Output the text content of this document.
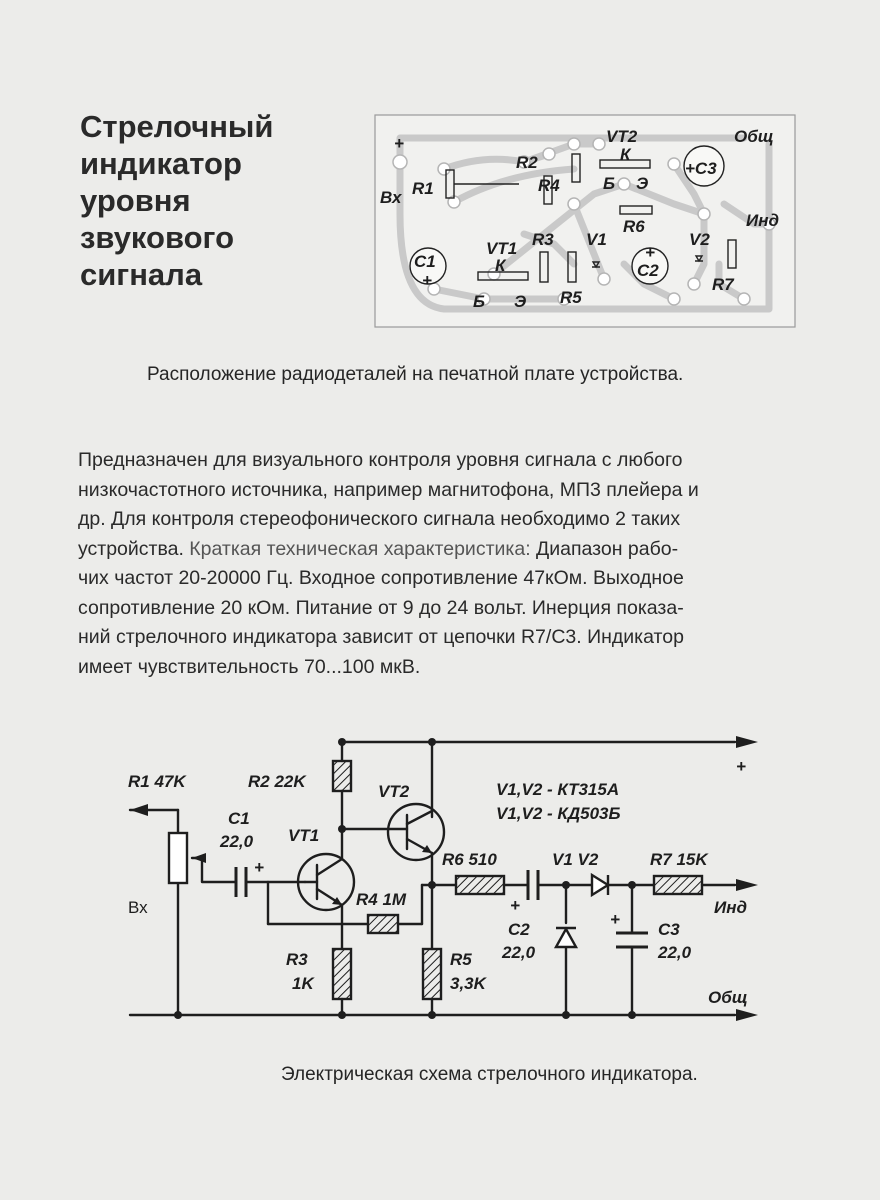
Стрелочный
индикатор
уровня
звукового
сигнала
+
Вх R1
R2
R4
VT2
К
Б Э
+C3
Общ
R6	Инд
C1
+
VT1
К
Б Э
R3 V1
R5
C2
+
V2
R7
Расположение радиодеталей на печатной плате устройства.
Предназначен для визуального контроля уровня сигнала с любого
низкочастотного источника, например магнитофона, МП3 плейера и
др. Для контроля стереофонического сигнала необходимо 2 таких
устройства. Краткая техническая характеристика: Диапазон рабо-
чих частот 20-20000 Гц. Входное сопротивление 47кОм. Выходное
сопротивление 20 кОм. Питание от 9 до 24 вольт. Инерция показа-
ний стрелочного индикатора зависит от цепочки R7/C3. Индикатор
имеет чувствительность 70...100 мкВ.
R1 47K	R2 22K
VT2	V1,V2 - КТ315А
V1,V2 - КД503Б
+
C1
22,0
+
VT1
R6 510	V1 V2	R7 15K
Вх	R4 1M	+
C2
22,0
+
C3
22,0
Инд
R3
1K
R5
3,3K
Общ
Электрическая схема стрелочного индикатора.
